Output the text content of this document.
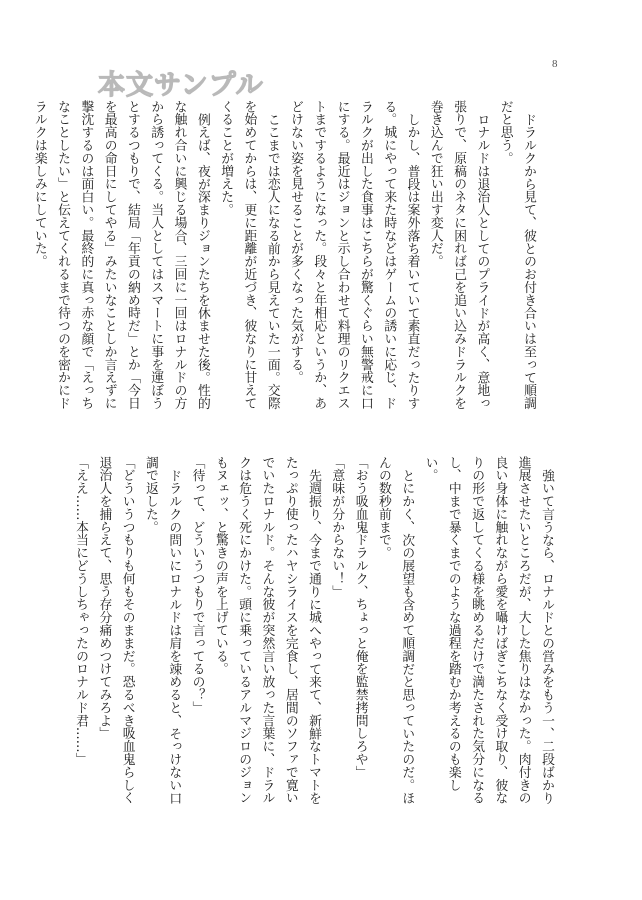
8
本文サンプル

ドラルクから見て、彼とのお付き合いは至って順調だと思う。

ロナルドは退治人としてのプライドが高く、意地っ張りで、原稿のネタに困れば己を追い込みドラルクを巻き込んで狂い出す変人だ。

しかし、普段は案外落ち着いていて素直だったりする。城にやって来た時などはゲームの誘いに応じ、ドラルクが出した食事はこちらが驚くぐらい無警戒に口にする。最近はジョンと示し合わせて料理のリクエストまでするようになった。段々と年相応というか、あどけない姿を見せることが多くなった気がする。

ここまでは恋人になる前から見えていた一面。交際を始めてからは、更に距離が近づき、彼なりに甘えてくることが増えた。

例えば、夜が深まりジョンたちを休ませた後。性的な触れ合いに興じる場合、三回に一回はロナルドの方から誘ってくる。当人としてはスマートに事を運ぼうとするつもりで、結局「年貢の納め時だ」とか「今日を最高の命日にしてやる」みたいなことしか言えずに撃沈するのは面白い。最終的に真っ赤な顔で「えっちなことしたい」と伝えてくれるまで待つのを密かにドラルクは楽しみにしていた。

強いて言うなら、ロナルドとの営みをもう一、二段ばかり進展させたいところだが、大した焦りはなかった。肉付きの良い身体に触れながら愛を囁けばぎこちなく受け取り、彼なりの形で返してくる様を眺めるだけで満たされた気分になるし、中まで暴くまでのような過程を踏むか考えるのも楽しい。

とにかく、次の展望も含めて順調だと思っていたのだ。ほんの数秒前まで。

「おう吸血鬼ドラルク、ちょっと俺を監禁拷問しろや」

「意味が分からない！」

先週振り、今まで通りに城へやって来て、新鮮なトマトをたっぷり使ったハヤシライスを完食し、居間のソファで寛いでいたロナルド。そんな彼が突然言い放った言葉に、ドラルクは危うく死にかけた。頭に乗っているアルマジロのジョンもヌェッ、と驚きの声を上げている。

「待って、どういうつもりで言ってるの？」

ドラルクの問いにロナルドは肩を竦めると、そっけない口調で返した。

「どういうつもりも何もそのままだ。恐るべき吸血鬼らしく退治人を捕らえて、思う存分痛めつけてみろよ」

「ええ……本当にどうしちゃったのロナルド君……」
